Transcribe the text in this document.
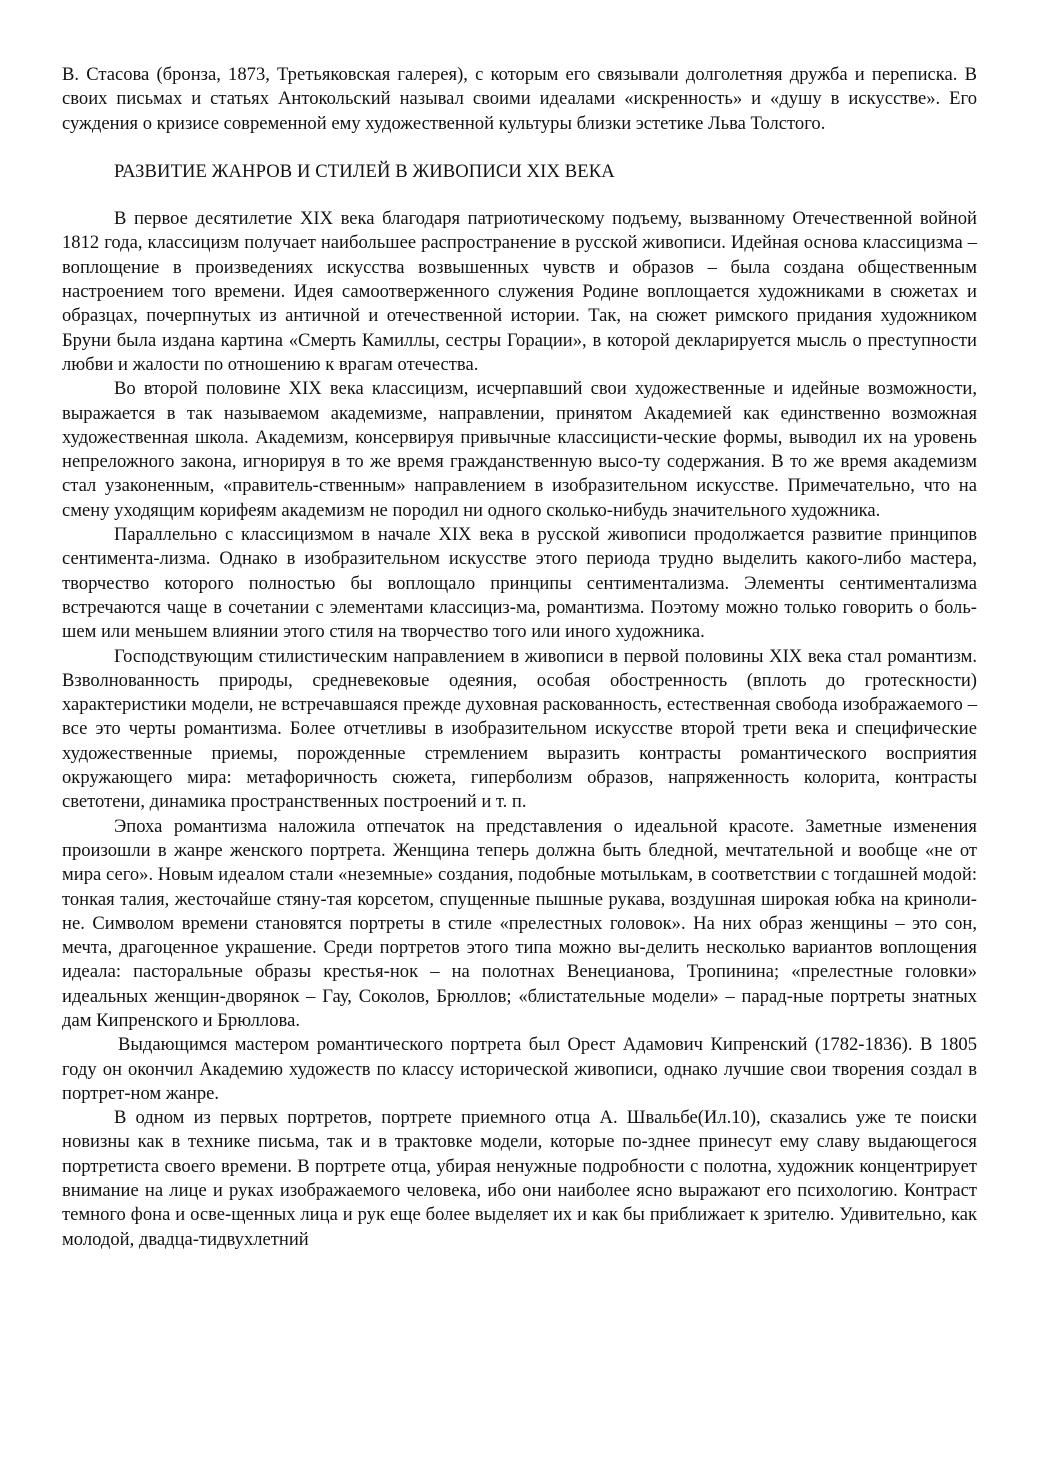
В. Стасова (бронза, 1873, Третьяковская галерея), с которым его связывали долголетняя дружба и переписка. В своих письмах и статьях Антокольский называл своими идеалами «искренность» и «душу в искусстве». Его суждения о кризисе современной ему художественной культуры близки эстетике Льва Толстого.

РАЗВИТИЕ ЖАНРОВ И СТИЛЕЙ В ЖИВОПИСИ XIX ВЕКА

В первое десятилетие XIX века благодаря патриотическому подъему, вызванному Отечественной войной 1812 года, классицизм получает наибольшее распространение в русской живописи. Идейная основа классицизма – воплощение в произведениях искусства возвышенных чувств и образов – была создана общественным настроением того времени. Идея самоотверженного служения Родине воплощается художниками в сюжетах и образцах, почерпнутых из античной и отечественной истории. Так, на сюжет римского придания художником Бруни была издана картина «Смерть Камиллы, сестры Горации», в которой декларируется мысль о преступности любви и жалости по отношению к врагам отечества.

Во второй половине XIX века классицизм, исчерпавший свои художественные и идейные возможности, выражается в так называемом академизме, направлении, принятом Академией как единственно возможная художественная школа. Академизм, консервируя привычные классицисти-ческие формы, выводил их на уровень непреложного закона, игнорируя в то же время гражданственную высо-ту содержания. В то же время академизм стал узаконенным, «правитель-ственным» направлением в изобразительном искусстве. Примечательно, что на смену уходящим корифеям академизм не породил ни одного сколько-нибудь значительного художника.

Параллельно с классицизмом в начале XIX века в русской живописи продолжается развитие принципов сентимента-лизма. Однако в изобразительном искусстве этого периода трудно выделить какого-либо мастера, творчество которого полностью бы воплощало принципы сентиментализма. Элементы сентиментализма встречаются чаще в сочетании с элементами классициз-ма, романтизма. Поэтому можно только говорить о боль-шем или меньшем влиянии этого стиля на творчество того или иного художника.

Господствующим стилистическим направлением в живописи в первой половины XIX века стал романтизм. Взволнованность природы, средневековые одеяния, особая обостренность (вплоть до гротескности) характеристики модели, не встречавшаяся прежде духовная раскованность, естественная свобода изображаемого – все это черты романтизма. Более отчетливы в изобразительном искусстве второй трети века и специфические художественные приемы, порожденные стремлением выразить контрасты романтического восприятия окружающего мира: метафоричность сюжета, гиперболизм образов, напряженность колорита, контрасты светотени, динамика пространственных построений и т. п.

Эпоха романтизма наложила отпечаток на представления о идеальной красоте. Заметные изменения произошли в жанре женского портрета. Женщина теперь должна быть бледной, мечтательной и вообще «не от мира сего». Новым идеалом стали «неземные» создания, подобные мотылькам, в соответствии с тогдашней модой: тонкая талия, жесточайше стяну-тая корсетом, спущенные пышные рукава, воздушная широкая юбка на криноли-не. Символом времени становятся портреты в стиле «прелестных головок». На них образ женщины – это сон, мечта, драгоценное украшение. Среди портретов этого типа можно вы-делить несколько вариантов воплощения идеала: пасторальные образы крестья-нок – на полотнах Венецианова, Тропинина; «прелестные головки» идеальных женщин-дворянок – Гау, Соколов, Брюллов; «блистательные модели» – парад-ные портреты знатных дам Кипренского и Брюллова.

Выдающимся мастером романтического портрета был Орест Адамович Кипренский (1782-1836). В 1805 году он окончил Академию художеств по классу исторической живописи, однако лучшие свои творения создал в портрет-ном жанре.

В одном из первых портретов, портрете приемного отца А. Швальбе(Ил.10), сказались уже те поиски новизны как в технике письма, так и в трактовке модели, которые по-зднее принесут ему славу выдающегося портретиста своего времени. В портрете отца, убирая ненужные подробности с полотна, художник концентрирует внимание на лице и руках изображаемого человека, ибо они наиболее ясно выражают его психологию. Контраст темного фона и осве-щенных лица и рук еще более выделяет их и как бы приближает к зрителю. Удивительно, как молодой, двадца-тидвухлетний
